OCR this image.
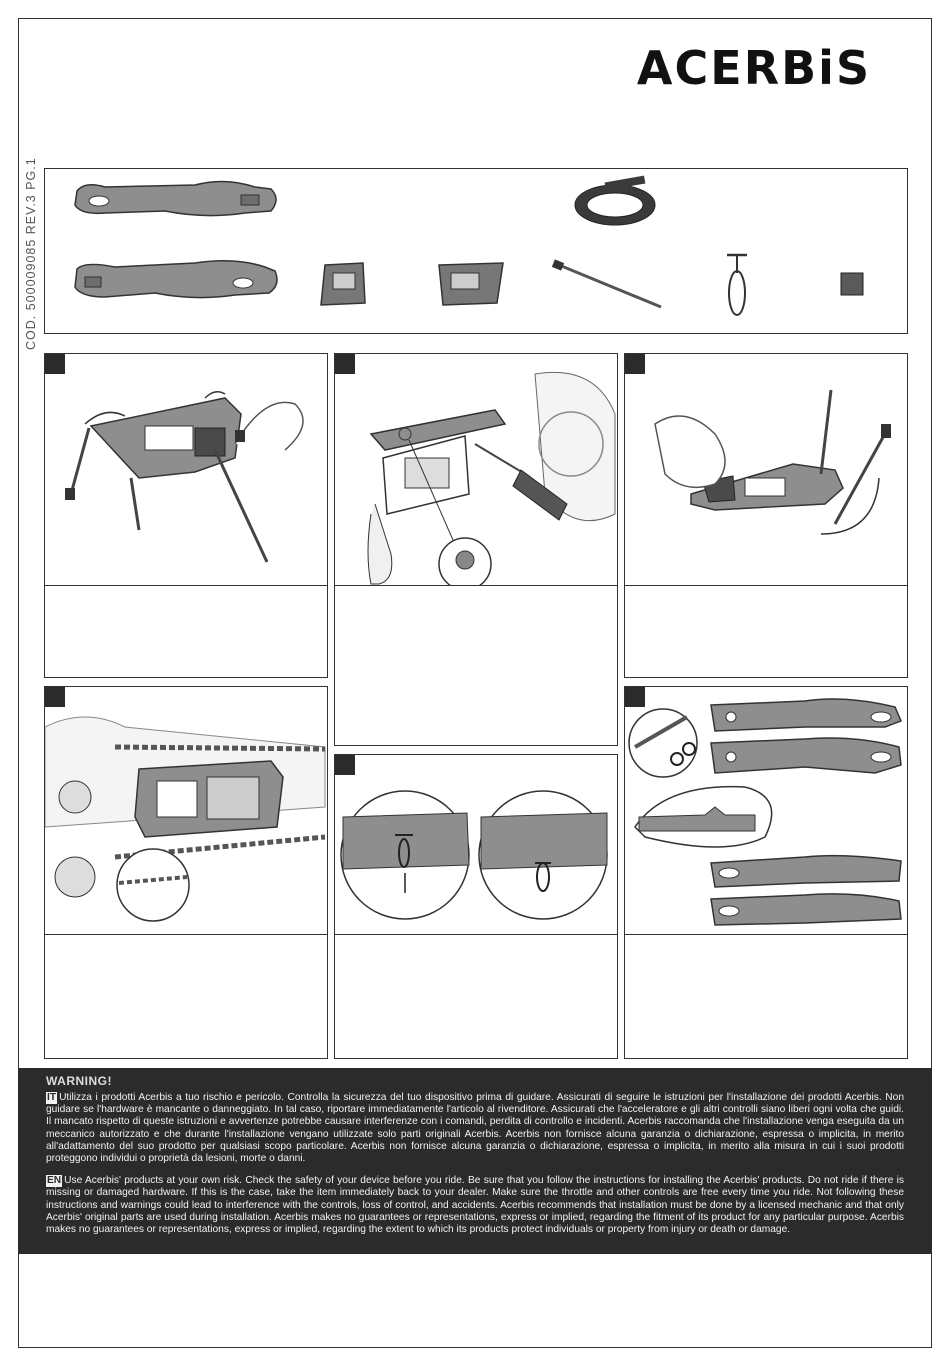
ACERBiS
COD. 500009085 REV.3 PG.1
WARNING!

IT Utilizza i prodotti Acerbis a tuo rischio e pericolo. Controlla la sicurezza del tuo dispositivo prima di guidare. Assicurati di seguire le istruzioni per l'installazione dei prodotti Acerbis. Non guidare se l'hardware è mancante o danneggiato. In tal caso, riportare immediatamente l'articolo al rivenditore. Assicurati che l'acceleratore e gli altri controlli siano liberi ogni volta che guidi. Il mancato rispetto di queste istruzioni e avvertenze potrebbe causare interferenze con i comandi, perdita di controllo e incidenti. Acerbis raccomanda che l'installazione venga eseguita da un meccanico autorizzato e che durante l'installazione vengano utilizzate solo parti originali Acerbis. Acerbis non fornisce alcuna garanzia o dichiarazione, espressa o implicita, in merito all'adattamento del suo prodotto per qualsiasi scopo particolare. Acerbis non fornisce alcuna garanzia o dichiarazione, espressa o implicita, in merito alla misura in cui i suoi prodotti proteggono individui o proprietà da lesioni, morte o danni.

EN Use Acerbis' products at your own risk. Check the safety of your device before you ride. Be sure that you follow the instructions for installing the Acerbis' products. Do not ride if there is missing or damaged hardware. If this is the case, take the item immediately back to your dealer. Make sure the throttle and other controls are free every time you ride. Not following these instructions and warnings could lead to interference with the controls, loss of control, and accidents. Acerbis recommends that installation must be done by a licensed mechanic and that only Acerbis' original parts are used during installation. Acerbis makes no guarantees or representations, express or implied, regarding the fitment of its product for any particular purpose. Acerbis makes no guarantees or representations, express or implied, regarding the extent to which its products protect individuals or property from injury or death or damage.
